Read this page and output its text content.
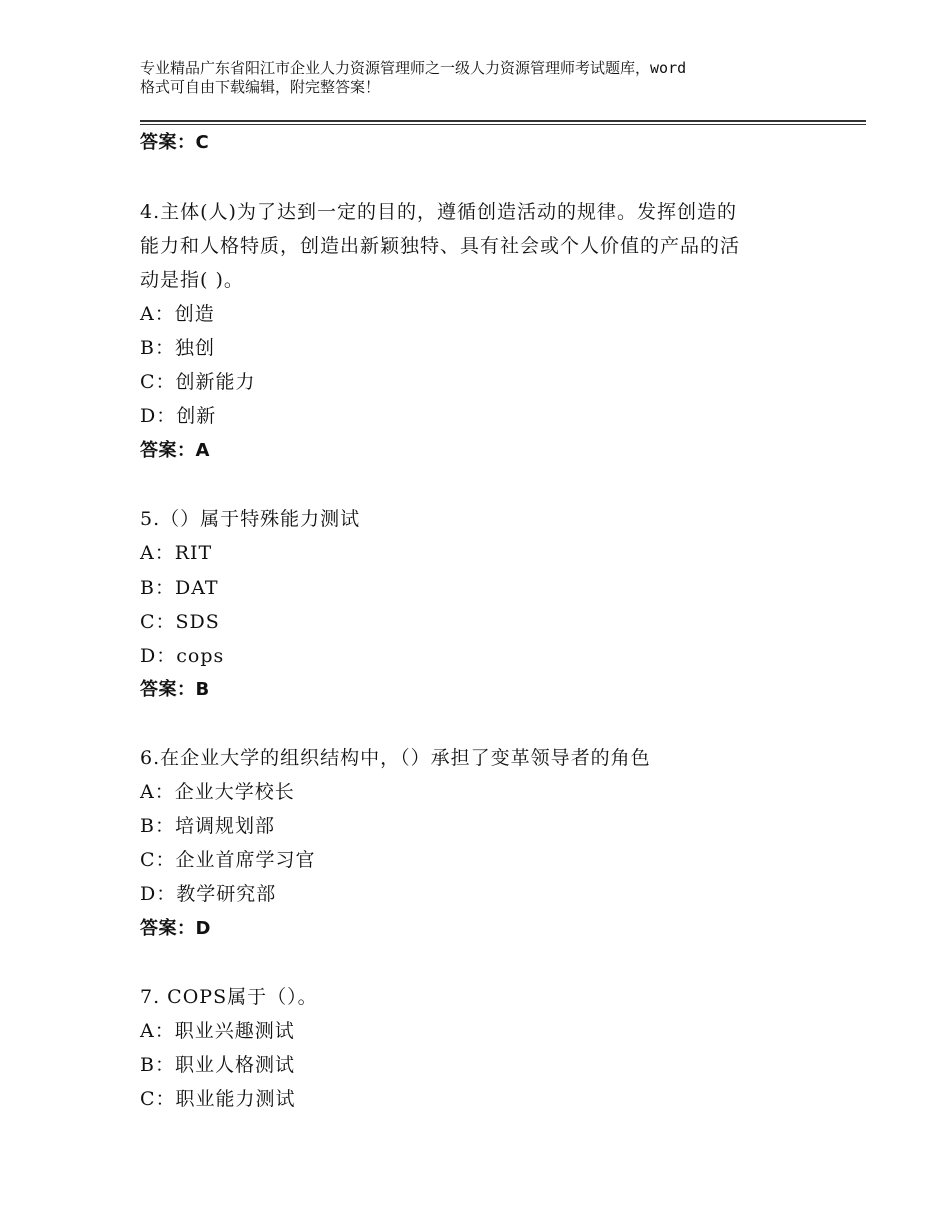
专业精品广东省阳江市企业人力资源管理师之一级人力资源管理师考试题库，word
格式可自由下载编辑，附完整答案！
答案：C
4.主体(人)为了达到一定的目的，遵循创造活动的规律。发挥创造的
能力和人格特质，创造出新颖独特、具有社会或个人价值的产品的活
动是指( )。
A：创造
B：独创
C：创新能力
D：创新
答案：A
5.（）属于特殊能力测试
A：RIT
B：DAT
C：SDS
D：cops
答案：B
6.在企业大学的组织结构中，（）承担了变革领导者的角色
A：企业大学校长
B：培调规划部
C：企业首席学习官
D：教学研究部
答案：D
7. COPS属于（）。
A：职业兴趣测试
B：职业人格测试
C：职业能力测试
